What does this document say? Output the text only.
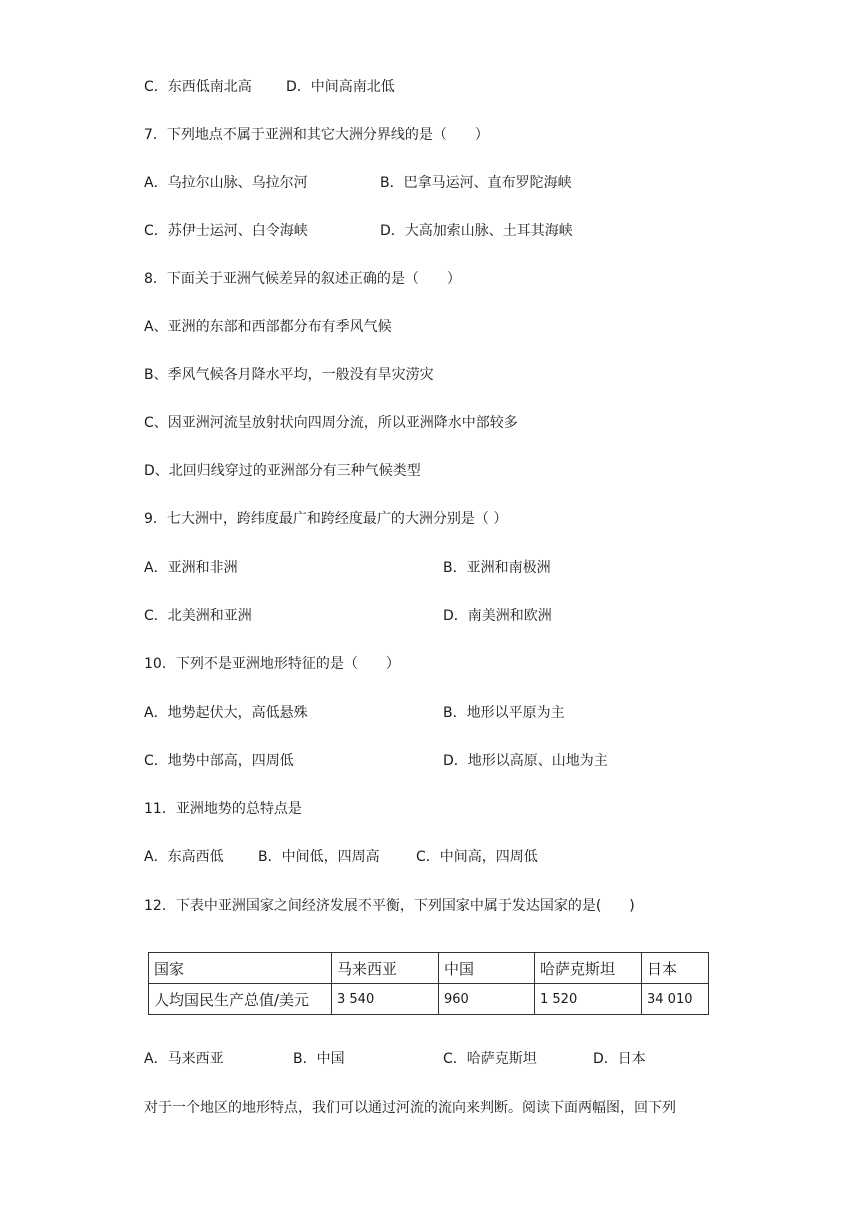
C．东西低南北高 D．中间高南北低
7．下列地点不属于亚洲和其它大洲分界线的是（　　）
A．乌拉尔山脉、乌拉尔河	B．巴拿马运河、直布罗陀海峡
C．苏伊士运河、白令海峡	D．大高加索山脉、土耳其海峡
8．下面关于亚洲气候差异的叙述正确的是（　　）
A、亚洲的东部和西部都分布有季风气候
B、季风气候各月降水平均，一般没有旱灾涝灾
C、因亚洲河流呈放射状向四周分流，所以亚洲降水中部较多
D、北回归线穿过的亚洲部分有三种气候类型
9．七大洲中，跨纬度最广和跨经度最广的大洲分别是（ ）
A．亚洲和非洲	B．亚洲和南极洲
C．北美洲和亚洲	D．南美洲和欧洲
10．下列不是亚洲地形特征的是（　　）
A．地势起伏大，高低悬殊	B．地形以平原为主
C．地势中部高，四周低	D．地形以高原、山地为主
11．亚洲地势的总特点是
A．东高西低 B．中间低，四周高	C．中间高，四周低
12．下表中亚洲国家之间经济发展不平衡，下列国家中属于发达国家的是(　　)
国家	马来西亚	中国	哈萨克斯坦	日本
人均国民生产总值/美元	3 540	960	1 520	34 010
A．马来西亚	B．中国	C．哈萨克斯坦	D．日本
对于一个地区的地形特点，我们可以通过河流的流向来判断。阅读下面两幅图，回下列
